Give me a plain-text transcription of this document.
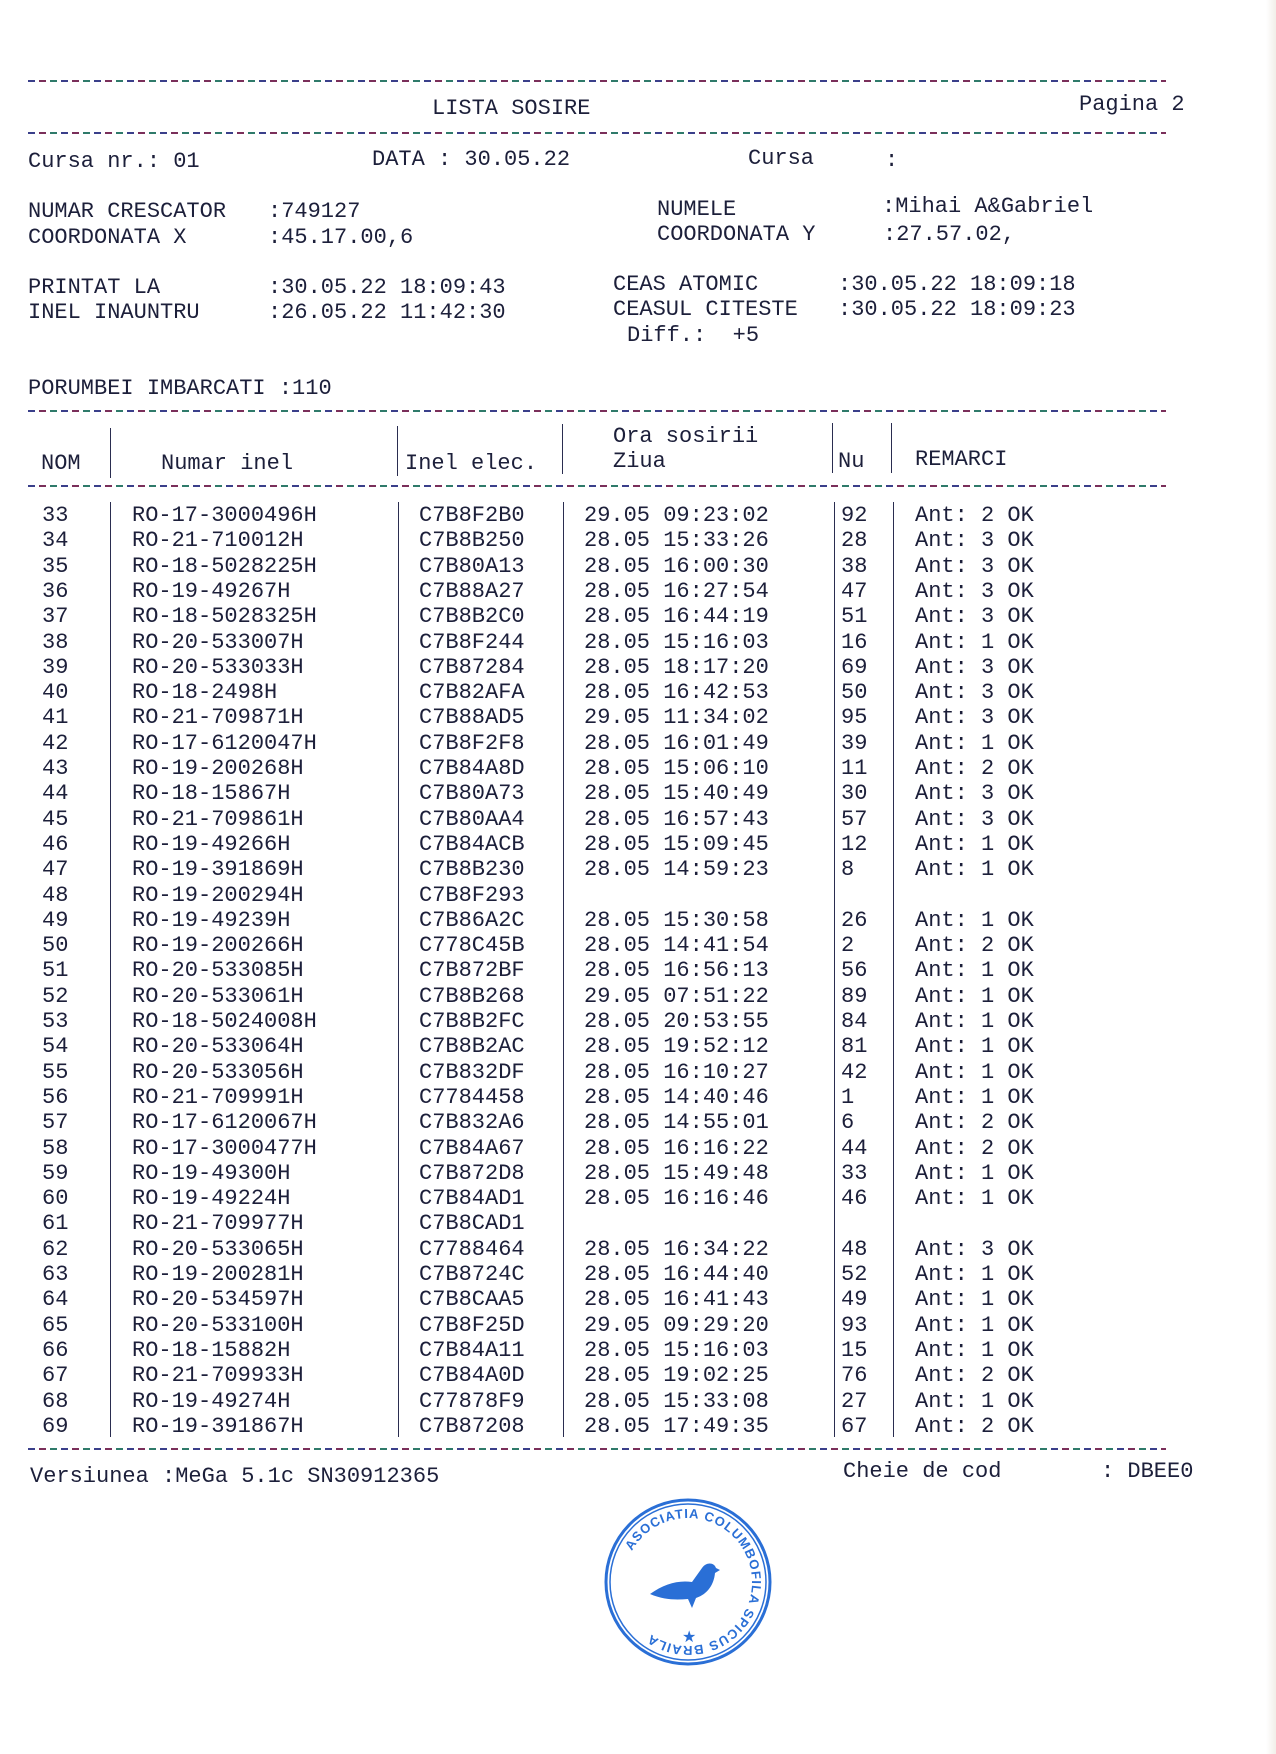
LISTA SOSIRE	Pagina 2
Cursa nr.: 01	DATA : 30.05.22	Cursa	:
NUMAR CRESCATOR :749127
COORDONATA X	:45.17.00,6
NUMELE	:Mihai A&Gabriel
COORDONATA Y	:27.57.02,
PRINTAT LA	:30.05.22 18:09:43
INEL INAUNTRU	:26.05.22 11:42:30
CEAS ATOMIC	:30.05.22 18:09:18
CEASUL CITESTE :30.05.22 18:09:23
Diff.:  +5
PORUMBEI IMBARCATI :110
NOM	Numar inel	Inel elec.
Ora sosirii
Ziua	Nu REMARCI
33	RO-17-3000496H	C7B8F2B0	29.05 09:23:02	92 Ant: 2 OK
34	RO-21-710012H	C7B8B250	28.05 15:33:26	28 Ant: 3 OK
35	RO-18-5028225H	C7B80A13	28.05 16:00:30	38 Ant: 3 OK
36	RO-19-49267H	C7B88A27	28.05 16:27:54	47 Ant: 3 OK
37	RO-18-5028325H	C7B8B2C0	28.05 16:44:19	51 Ant: 3 OK
38	RO-20-533007H	C7B8F244	28.05 15:16:03	16 Ant: 1 OK
39	RO-20-533033H	C7B87284	28.05 18:17:20	69 Ant: 3 OK
40	RO-18-2498H	C7B82AFA	28.05 16:42:53	50 Ant: 3 OK
41	RO-21-709871H	C7B88AD5	29.05 11:34:02	95 Ant: 3 OK
42	RO-17-6120047H	C7B8F2F8	28.05 16:01:49	39 Ant: 1 OK
43	RO-19-200268H	C7B84A8D	28.05 15:06:10	11 Ant: 2 OK
44	RO-18-15867H	C7B80A73	28.05 15:40:49	30 Ant: 3 OK
45	RO-21-709861H	C7B80AA4	28.05 16:57:43	57 Ant: 3 OK
46	RO-19-49266H	C7B84ACB	28.05 15:09:45	12 Ant: 1 OK
47	RO-19-391869H	C7B8B230	28.05 14:59:23	8	Ant: 1 OK
48	RO-19-200294H	C7B8F293
49	RO-19-49239H	C7B86A2C	28.05 15:30:58	26 Ant: 1 OK
50	RO-19-200266H	C778C45B	28.05 14:41:54	2	Ant: 2 OK
51	RO-20-533085H	C7B872BF	28.05 16:56:13	56 Ant: 1 OK
52	RO-20-533061H	C7B8B268	29.05 07:51:22	89 Ant: 1 OK
53	RO-18-5024008H	C7B8B2FC	28.05 20:53:55	84 Ant: 1 OK
54	RO-20-533064H	C7B8B2AC	28.05 19:52:12	81 Ant: 1 OK
55	RO-20-533056H	C7B832DF	28.05 16:10:27	42 Ant: 1 OK
56	RO-21-709991H	C7784458	28.05 14:40:46	1	Ant: 1 OK
57	RO-17-6120067H	C7B832A6	28.05 14:55:01	6	Ant: 2 OK
58	RO-17-3000477H	C7B84A67	28.05 16:16:22	44 Ant: 2 OK
59	RO-19-49300H	C7B872D8	28.05 15:49:48	33 Ant: 1 OK
60	RO-19-49224H	C7B84AD1	28.05 16:16:46	46 Ant: 1 OK
61	RO-21-709977H	C7B8CAD1
62	RO-20-533065H	C7788464	28.05 16:34:22	48 Ant: 3 OK
63	RO-19-200281H	C7B8724C	28.05 16:44:40	52 Ant: 1 OK
64	RO-20-534597H	C7B8CAA5	28.05 16:41:43	49 Ant: 1 OK
65	RO-20-533100H	C7B8F25D	29.05 09:29:20	93 Ant: 1 OK
66	RO-18-15882H	C7B84A11	28.05 15:16:03	15 Ant: 1 OK
67	RO-21-709933H	C7B84A0D	28.05 19:02:25	76 Ant: 2 OK
68	RO-19-49274H	C77878F9	28.05 15:33:08	27 Ant: 1 OK
69	RO-19-391867H	C7B87208	28.05 17:49:35	67 Ant: 2 OK
Versiunea :MeGa 5.1c SN30912365	Cheie de cod	: DBEE0
ASOCIATIA COLUMBOFILA SPICUS BRAILA	★
